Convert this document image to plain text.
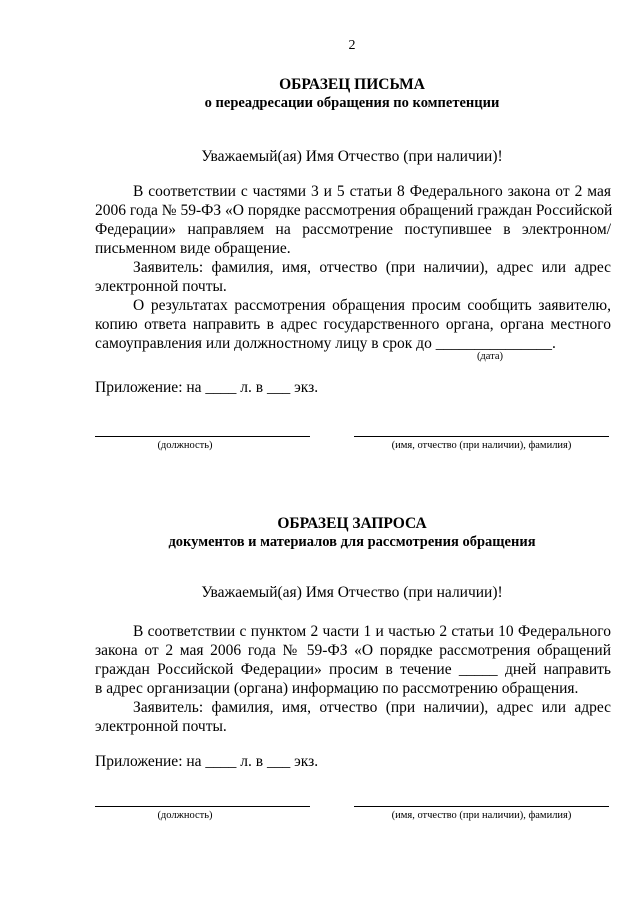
2
ОБРАЗЕЦ ПИСЬМА
о переадресации обращения по компетенции
Уважаемый(ая) Имя Отчество (при наличии)!
В соответствии с частями 3 и 5 статьи 8 Федерального закона от 2 мая
2006 года № 59-ФЗ «О порядке рассмотрения обращений граждан Российской
Федерации» направляем на рассмотрение поступившее в электронном/
письменном виде обращение.
Заявитель: фамилия, имя, отчество (при наличии), адрес или адрес
электронной почты.
О результатах рассмотрения обращения просим сообщить заявителю,
копию ответа направить в адрес государственного органа, органа местного
самоуправления или должностному лицу в срок до _______________.
(дата)
Приложение: на ____ л. в ___ экз.
(должность)	(имя, отчество (при наличии), фамилия)
ОБРАЗЕЦ ЗАПРОСА
документов и материалов для рассмотрения обращения
Уважаемый(ая) Имя Отчество (при наличии)!
В соответствии с пунктом 2 части 1 и частью 2 статьи 10 Федерального
закона от 2 мая 2006 года № 59-ФЗ «О порядке рассмотрения обращений
граждан Российской Федерации» просим в течение _____ дней направить
в адрес организации (органа) информацию по рассмотрению обращения.
Заявитель: фамилия, имя, отчество (при наличии), адрес или адрес
электронной почты.
Приложение: на ____ л. в ___ экз.
(должность)	(имя, отчество (при наличии), фамилия)
